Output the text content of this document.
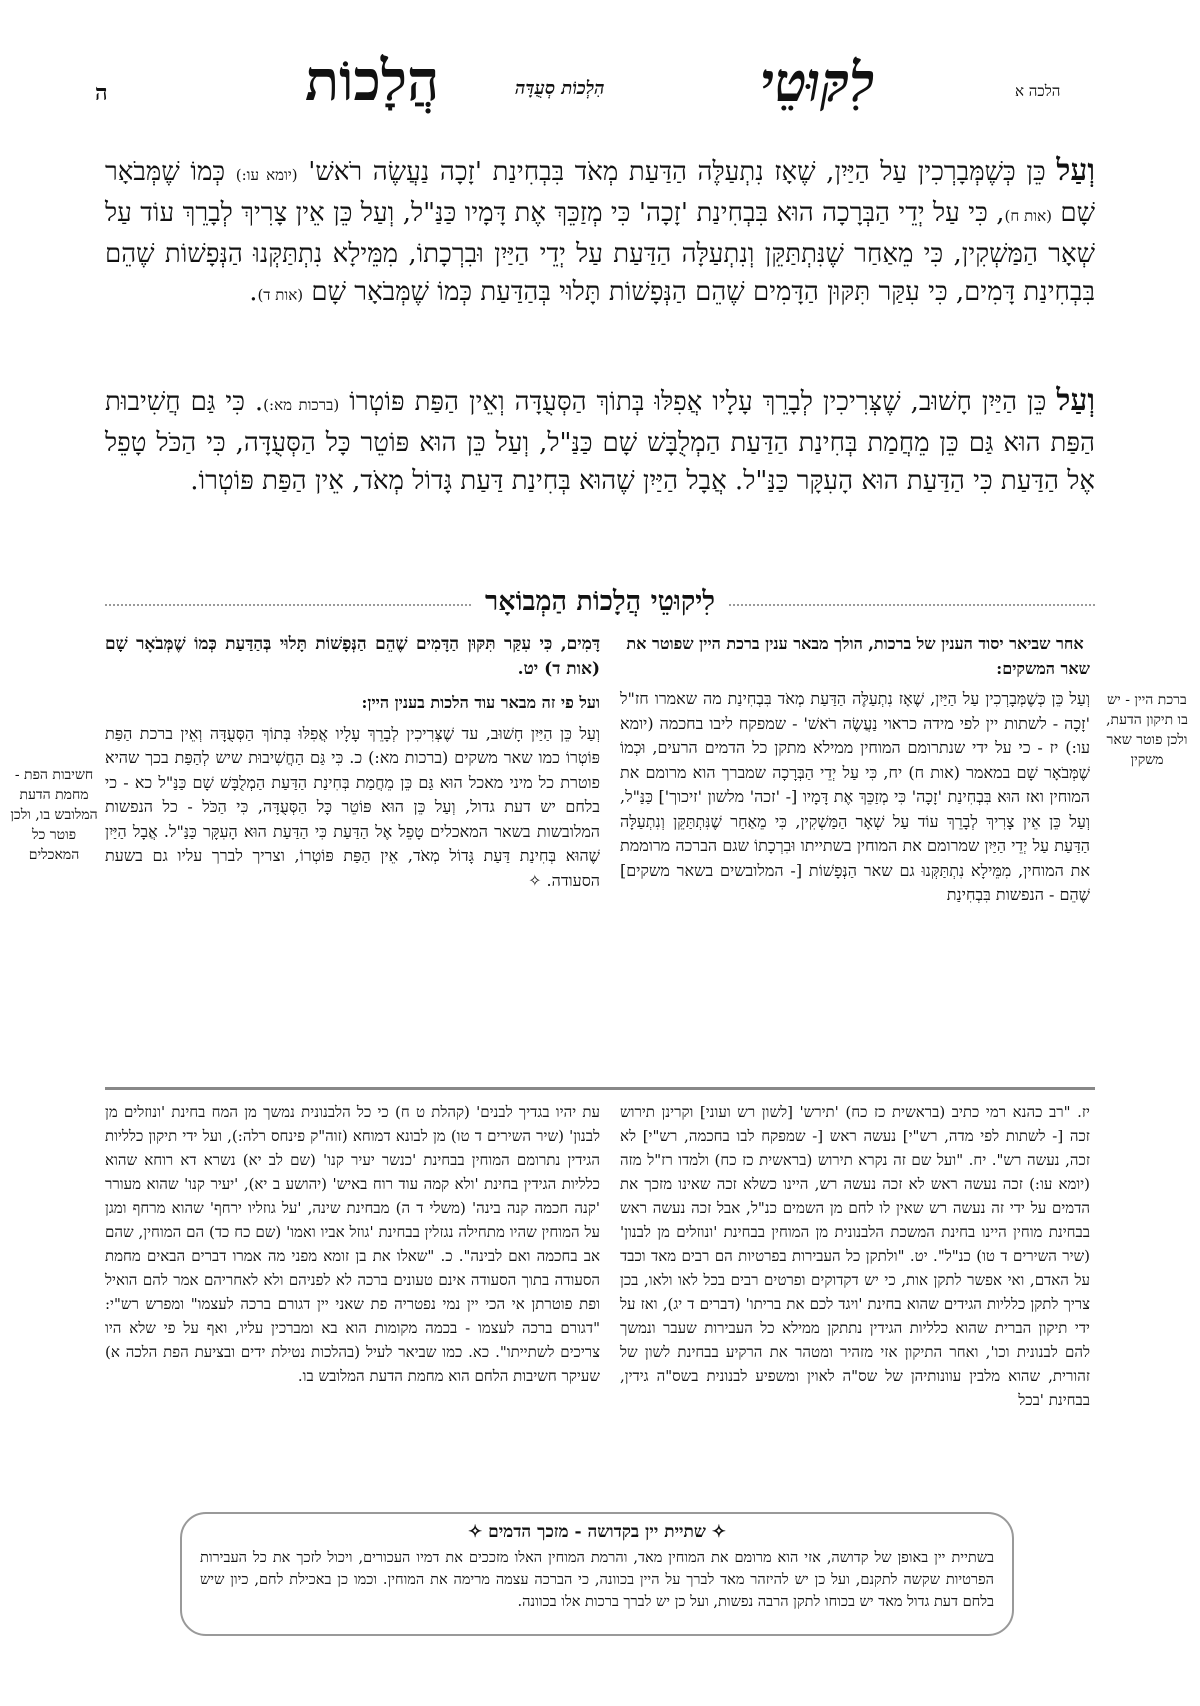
הלכה א
לִקּוּטֵי
הִלְכוֹת סְעֻדָּה
הֲלָכוֹת
ה

וְעַל כֵּן כְּשֶׁמְּבָרְכִין עַל הַיַּיִן, שֶׁאָז נִתְעַלֶּה הַדַּעַת מְאֹד בִּבְחִינַת 'זָכָה נַעֲשֶׂה רֹאשׁ' (יומא עו:) כְּמוֹ שֶׁמְּבֹאָר שָׁם (אות ח), כִּי עַל יְדֵי הַבְּרָכָה הוּא בִּבְחִינַת 'זָכָה' כִּי מְזַכֵּךְ אֶת דָּמָיו כַּנַּ"ל, וְעַל כֵּן אֵין צָרִיךְ לְבָרֵךְ עוֹד עַל שְׁאָר הַמַּשְׁקִין, כִּי מֵאַחַר שֶׁנִּתְתַּקֵּן וְנִתְעַלָּה הַדַּעַת עַל יְדֵי הַיַּיִן וּבִרְכָתוֹ, מִמֵּילָא נִתְתַּקְּנוּ הַנְּפָשׁוֹת שֶׁהֵם בִּבְחִינַת דָּמִים, כִּי עִקַּר תִּקּוּן הַדָּמִים שֶׁהֵם הַנְּפָשׁוֹת תָּלוּי בְּהַדַּעַת כְּמוֹ שֶׁמְּבֹאָר שָׁם (אות ד).

וְעַל כֵּן הַיַּיִן חָשׁוּב, שֶׁצְּרִיכִין לְבָרֵךְ עָלָיו אֲפִלּוּ בְּתוֹךְ הַסְּעֻדָּה וְאֵין הַפַּת פּוֹטְרוֹ (ברכות מא:). כִּי גַּם חֲשִׁיבוּת הַפַּת הוּא גַּם כֵּן מֵחֲמַת בְּחִינַת הַדַּעַת הַמְלֻבָּשׁ שָׁם כַּנַּ"ל, וְעַל כֵּן הוּא פּוֹטֵר כָּל הַסְּעֻדָּה, כִּי הַכֹּל טָפֵל אֶל הַדַּעַת כִּי הַדַּעַת הוּא הָעִקָּר כַּנַּ"ל. אֲבָל הַיַּיִן שֶׁהוּא בְּחִינַת דַּעַת גָּדוֹל מְאֹד, אֵין הַפַּת פּוֹטְרוֹ.

לִיקוּטֵי הֲלָכוֹת הַמְבוֹאָר

אחר שביאר יסוד הענין של ברכות, הולך מבאר ענין ברכת היין שפוטר את שאר המשקים:

וְעַל כֵּן כְּשֶׁמְּבָרְכִין עַל הַיַּיִן, שֶׁאָז נִתְעַלֶּה הַדַּעַת מְאֹד בִּבְחִינַת מה שאמרו חז"ל 'זָכָה - לשתות יין לפי מידה כראוי נַעֲשֶׂה רֹאשׁ' - שמפקח ליבו בחכמה (יומא עו:) יז - כי על ידי שנתרומם המוחין ממילא מתקן כל הדמים הרעים, וּכְמוֹ שֶׁמְּבֹאָר שָׁם במאמר (אות ח) יח, כִּי עַל יְדֵי הַבְּרָכָה שמברך הוא מרומם את המוחין ואז הוּא בִּבְחִינַת 'זָכָה' כִּי מְזַכֵּךְ אֶת דָּמָיו [- 'זכה' מלשון 'זיכוך'] כַּנַּ"ל, וְעַל כֵּן אֵין צָרִיךְ לְבָרֵךְ עוֹד עַל שְׁאָר הַמַּשְׁקִין, כִּי מֵאַחַר שֶׁנִּתְתַּקֵּן וְנִתְעַלָּה הַדַּעַת עַל יְדֵי הַיַּיִן שמרומם את המוחין בשתייתו וּבִרְכָתוֹ שגם הברכה מרוממת את המוחין, מִמֵּילָא נִתְתַּקְּנוּ גם שאר הַנְּפָשׁוֹת [- המלובשים בשאר משקים] שֶׁהֵם - הנפשות בִּבְחִינַת

דָּמִים, כִּי עִקַּר תִּקּוּן הַדָּמִים שֶׁהֵם הַנְּפָשׁוֹת תָּלוּי בְּהַדַּעַת כְּמוֹ שֶׁמְּבֹאָר שָׁם (אות ד) יט.

ועל פי זה מבאר עוד הלכות בענין היין:

וְעַל כֵּן הַיַּיִן חָשׁוּב, עד שֶׁצְּרִיכִין לְבָרֵךְ עָלָיו אֲפִלּוּ בְּתוֹךְ הַסְּעֻדָּה וְאֵין ברכת הַפַּת פּוֹטְרוֹ כמו שאר משקים (ברכות מא:) כ. כִּי גַּם הַחֲשִׁיבוּת שיש לְהַפַּת בכך שהיא פוטרת כל מיני מאכל הוּא גַּם כֵּן מֵחֲמַת בְּחִינַת הַדַּעַת הַמְלֻבָּשׁ שָׁם כַּנַּ"ל כא - כי בלחם יש דעת גדול, וְעַל כֵּן הוּא פּוֹטֵר כָּל הַסְּעֻדָּה, כִּי הַכֹּל - כל הנפשות המלובשות בשאר המאכלים טָפֵל אֶל הַדַּעַת כִּי הַדַּעַת הוּא הָעִקָּר כַּנַּ"ל. אֲבָל הַיַּיִן שֶׁהוּא בְּחִינַת דַּעַת גָּדוֹל מְאֹד, אֵין הַפַּת פּוֹטְרוֹ, וצריך לברך עליו גם בשעת הסעודה. ✧

ברכת היין - יש בו תיקון הדעת, ולכן פוטר שאר משקין
חשיבות הפת - מחמת הדעת המלובש בו, ולכן פוטר כל המאכלים
יז. "רב כהנא רמי כתיב (בראשית כז כח) 'תירש' [לשון רש ועוני] וקרינן תירוש זכה [- לשתות לפי מדה, רש"י] נעשה ראש [- שמפקח לבו בחכמה, רש"י] לא זכה, נעשה רש". יח. "ועל שם זה נקרא תירוש (בראשית כז כח) ולמדו רז"ל מזה (יומא עו:) זכה נעשה ראש לא זכה נעשה רש, היינו כשלא זכה שאינו מזכך את הדמים על ידי זה נעשה רש שאין לו לחם מן השמים כנ"ל, אבל זכה נעשה ראש בבחינת מוחין היינו בחינת המשכת הלבנונית מן המוחין בבחינת 'ונוזלים מן לבנון' (שיר השירים ד טו) כנ"ל". יט. "ולתקן כל העבירות בפרטיות הם רבים מאד וכבד על האדם, ואי אפשר לתקן אות, כי יש דקדוקים ופרטים רבים בכל לאו ולאו, בכן צריך לתקן כלליות הגידים שהוא בחינת 'ויגד לכם את בריתו' (דברים ד יג), ואז על ידי תיקון הברית שהוא כלליות הגידין נתתקן ממילא כל העבירות שעבר ונמשך להם לבנונית וכו', ואחר התיקון אזי מזהיר ומטהר את הרקיע בבחינת לשון של זהורית, שהוא מלבין עוונותיהן של שס"ה לאוין ומשפיע לבנונית בשס"ה גידין, בבחינת 'בכל
עת יהיו בגדיך לבנים' (קהלת ט ח) כי כל הלבנונית נמשך מן המח בחינת 'ונוזלים מן לבנון' (שיר השירים ד טו) מן לבונא דמוחא (זוה"ק פינחס רלה:), ועל ידי תיקון כלליות הגידין נתרומם המוחין בבחינת 'כנשר יעיר קנו' (שם לב יא) נשרא דא רוחא שהוא כלליות הגידין בחינת 'ולא קמה עוד רוח באיש' (יהושע ב יא), 'יעיר קנו' שהוא מעורר 'קנה חכמה קנה בינה' (משלי ד ה) מבחינת שינה, 'על גוזליו ירחף' שהוא מרחף ומגן על המוחין שהיו מתחילה נגזלין בבחינת 'גוזל אביו ואמו' (שם כח כד) הם המוחין, שהם אב בחכמה ואם לבינה". כ. "שאלו את בן זומא מפני מה אמרו דברים הבאים מחמת הסעודה בתוך הסעודה אינם טעונים ברכה לא לפניהם ולא לאחריהם אמר להם הואיל ופת פוטרתן אי הכי יין נמי נפטריה פת שאני יין דגורם ברכה לעצמו" ומפרש רש"י: "דגורם ברכה לעצמו - בכמה מקומות הוא בא ומברכין עליו, ואף על פי שלא היו צריכים לשתייתו". כא. כמו שביאר לעיל (בהלכות נטילת ידים ובציעת הפת הלכה א) שעיקר חשיבות הלחם הוא מחמת הדעת המלובש בו.
✧ שתיית יין בקדושה - מזכך הדמים ✧
בשתיית יין באופן של קדושה, אזי הוא מרומם את המוחין מאד, והרמת המוחין האלו מזככים את דמיו העכורים, ויכול לזכך את כל העבירות הפרטיות שקשה לתקנם, ועל כן יש להיזהר מאד לברך על היין בכוונה, כי הברכה עצמה מרימה את המוחין. וכמו כן באכילת לחם, כיון שיש בלחם דעת גדול מאד יש בכוחו לתקן הרבה נפשות, ועל כן יש לברך ברכות אלו בכוונה.
